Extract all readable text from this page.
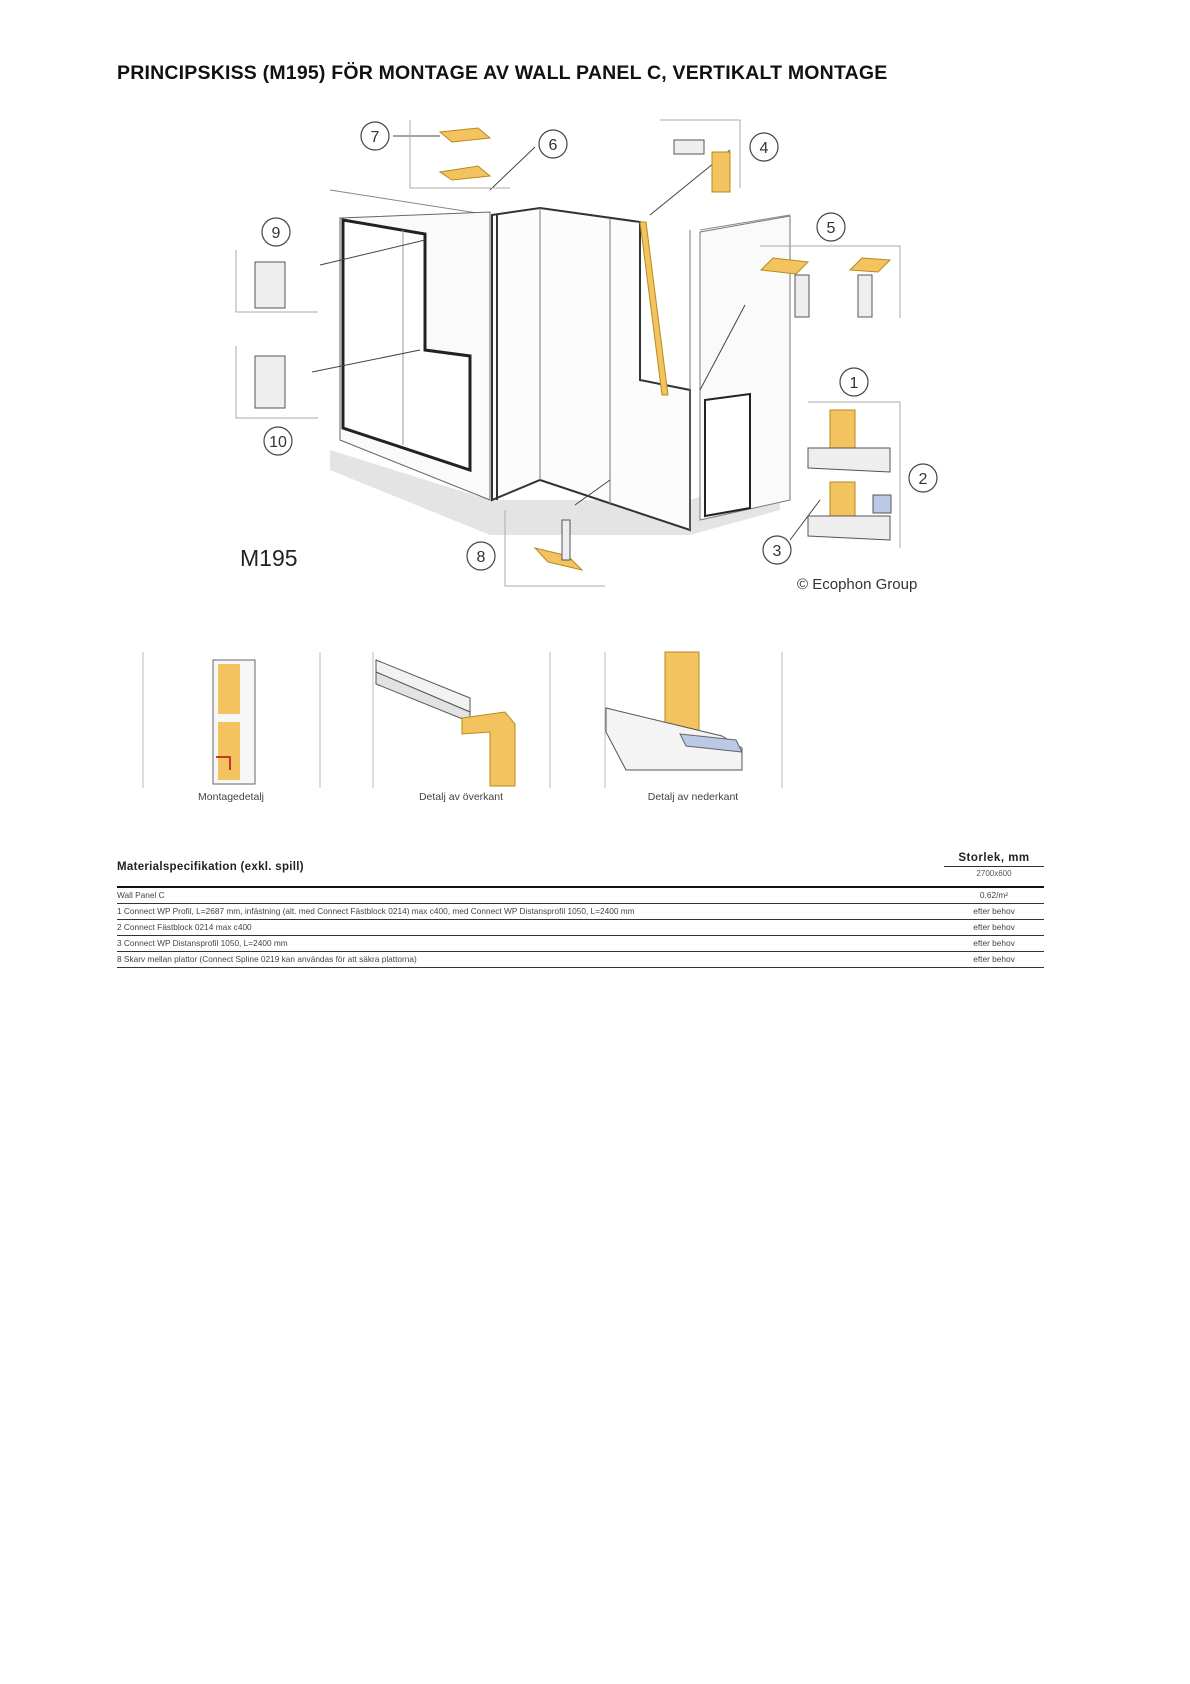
PRINCIPSKISS (M195) FÖR MONTAGE AV WALL PANEL C, VERTIKALT MONTAGE
7	6	4
9	5
1
2
3
10
8
M195
© Ecophon Group
Montagedetalj	Detalj av överkant	Detalj av nederkant
Materialspecifikation (exkl. spill)
Storlek, mm
2700x600
Wall Panel C	0.62/m²
1 Connect WP Profil, L=2687 mm, infästning (alt. med Connect Fästblock 0214) max c400, med Connect WP Distansprofil 1050, L=2400 mm	efter behov
2 Connect Fästblock 0214 max c400	efter behov
3 Connect WP Distansprofil 1050, L=2400 mm	efter behov
8 Skarv mellan plattor (Connect Spline 0219 kan användas för att säkra plattorna)	efter behov
